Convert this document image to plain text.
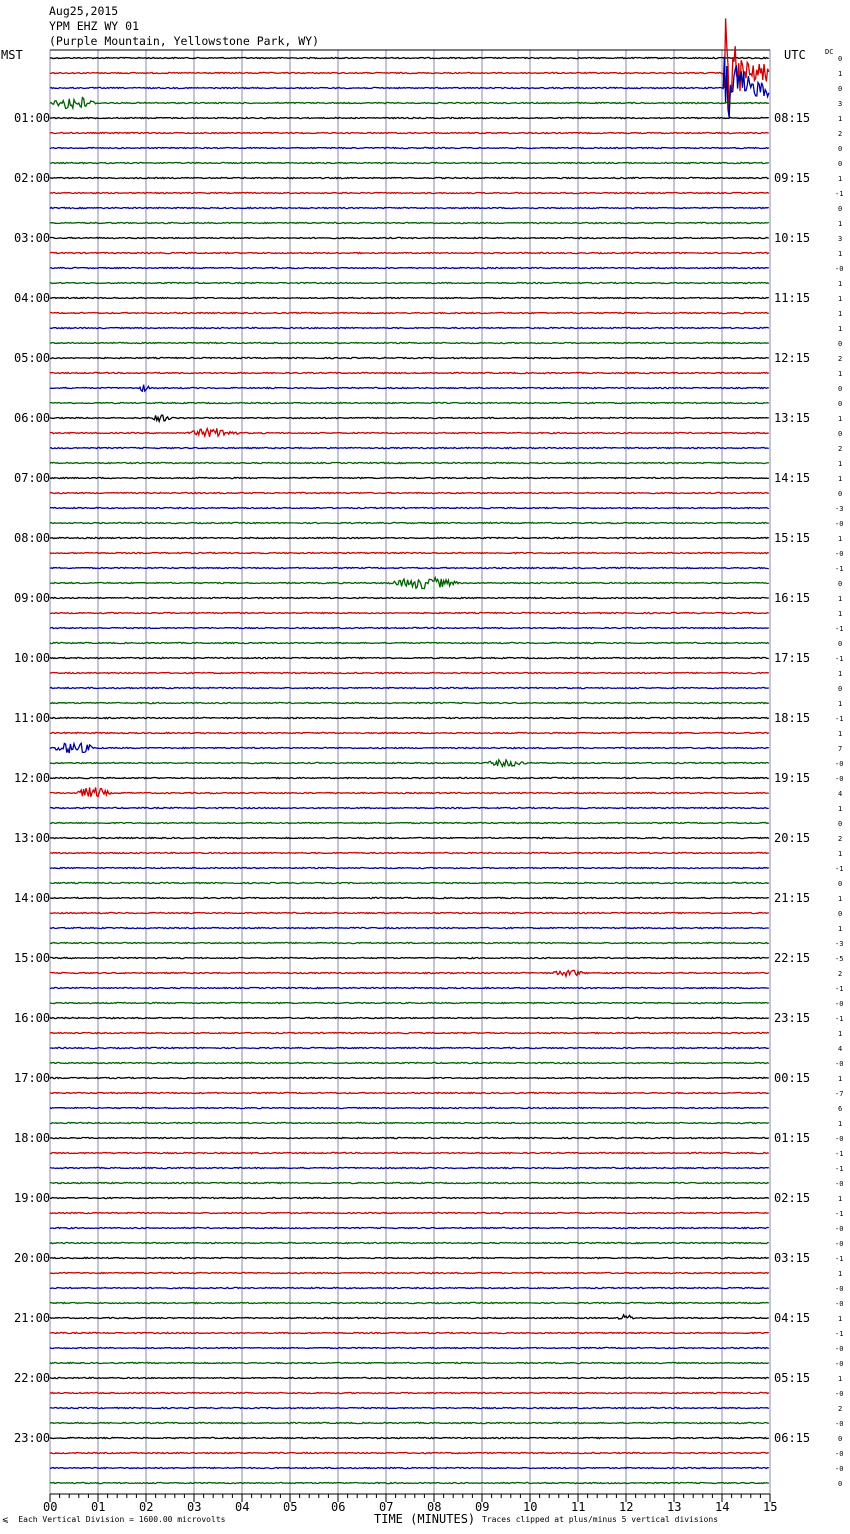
Aug25,2015
YPM EHZ WY 01
(Purple Mountain, Yellowstone Park, WY)
MST	UTC	DC
01:00
02:00
03:00
04:00
05:00
06:00
07:00
08:00
09:00
10:00
11:00
12:00
13:00
14:00
15:00
16:00
17:00
18:00
19:00
20:00
21:00
22:00
23:00
08:15
09:15
10:15
11:15
12:15
13:15
14:15
15:15
16:15
17:15
18:15
19:15
20:15
21:15
22:15
23:15
00:15
01:15
02:15
03:15
04:15
05:15
06:15
0
1
0
3
1
2
0
0
1
-1
0
1
3
1
-0
1
1
1
1
0
2
1
0
0
1
0
2
1
1
0
-3
-0
1
-0
-1
0
1
1
-1
0
-1
1
0
1
-1
1
7
-0
-0
4
1
0
2
1
-1
0
1
0
1
-3
-5
2
-1
-0
-1
1
4
-0
1
-7
6
1
-0
-1
-1
-0
1
-1
-0
-0
-1
1
-0
-0
1
-1
-0
-0
1
-0
2
-0
0
-0
-0
0
00	01	02	03	04	05	06	07	08	09	10	11	12	13	14	15
⩽ Each Vertical Division = 1600.00 microvolts	TIME (MINUTES) Traces clipped at plus/minus 5 vertical divisions
